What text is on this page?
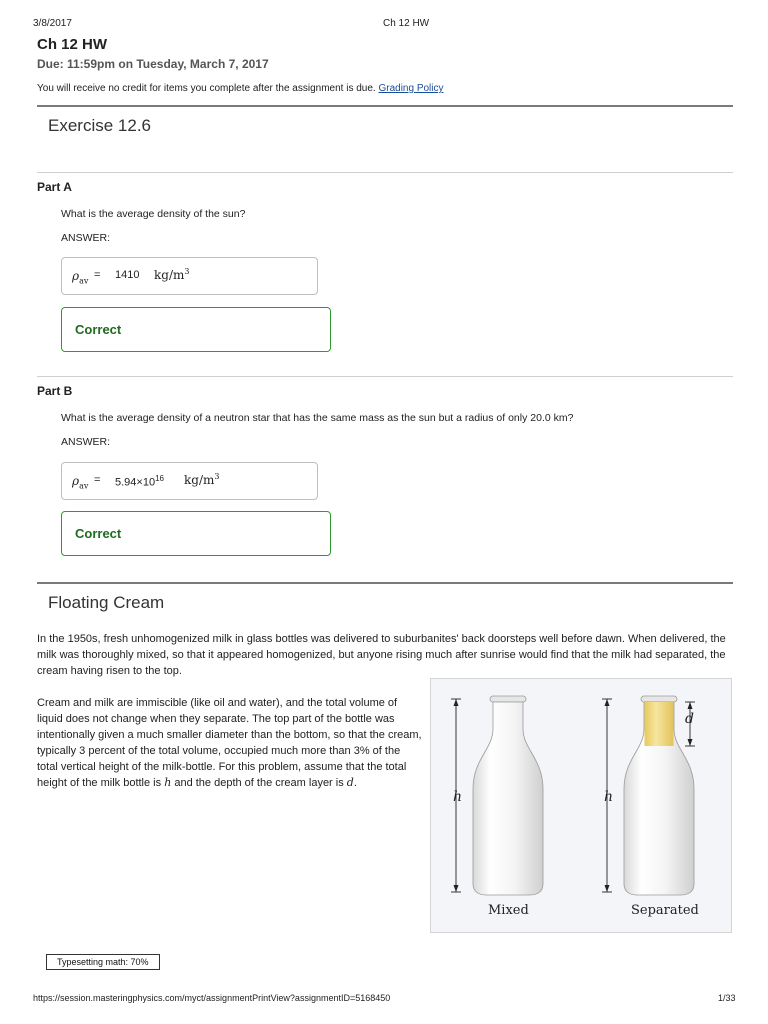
3/8/2017	Ch 12 HW
Ch 12 HW
Due: 11:59pm on Tuesday, March 7, 2017
You will receive no credit for items you complete after the assignment is due. Grading Policy
Exercise 12.6
Part A
What is the average density of the sun?
ANSWER:
$\rho_{av} = 1410$ $kg/m^3$
Correct
Part B
What is the average density of a neutron star that has the same mass as the sun but a radius of only 20.0 km?
ANSWER:
$\rho_{av} = 5.94\times 10^{16}$ $kg/m^3$
Correct
Floating Cream
In the 1950s, fresh unhomogenized milk in glass bottles was delivered to suburbanites' back doorsteps well before dawn. When delivered, the milk was thoroughly mixed, so that it appeared homogenized, but anyone rising much after sunrise would find that the milk had separated, the cream having risen to the top.
Cream and milk are immiscible (like oil and water), and the total volume of liquid does not change when they separate. The top part of the bottle was intentionally given a much smaller diameter than the bottom, so that the cream, typically 3 percent of the total volume, occupied much more than 3% of the total vertical height of the milk-bottle. For this problem, assume that the total height of the milk bottle is h and the depth of the cream layer is d.
h	h
d
Mixed	Separated
Typesetting math: 70%
https://session.masteringphysics.com/myct/assignmentPrintView?assignmentID=5168450	1/33
